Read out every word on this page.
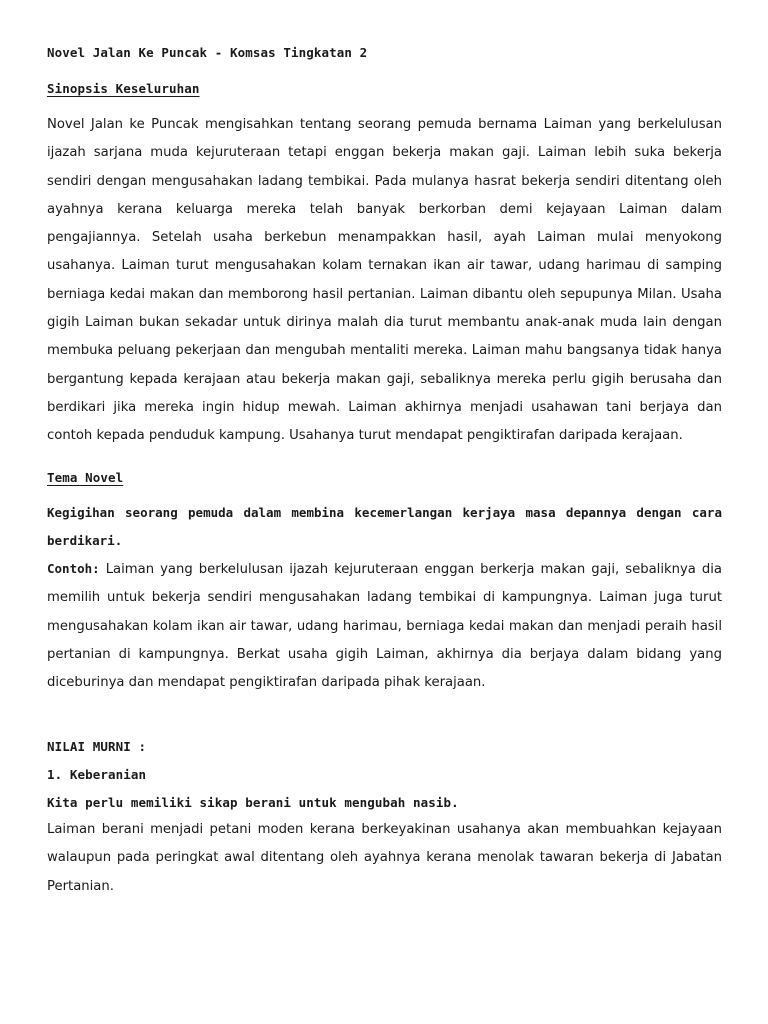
Novel Jalan Ke Puncak - Komsas Tingkatan 2
Sinopsis Keseluruhan

Novel Jalan ke Puncak mengisahkan tentang seorang pemuda bernama Laiman yang berkelulusan ijazah sarjana muda kejuruteraan tetapi enggan bekerja makan gaji. Laiman lebih suka bekerja sendiri dengan mengusahakan ladang tembikai. Pada mulanya hasrat bekerja sendiri ditentang oleh ayahnya kerana keluarga mereka telah banyak berkorban demi kejayaan Laiman dalam pengajiannya. Setelah usaha berkebun menampakkan hasil, ayah Laiman mulai menyokong usahanya. Laiman turut mengusahakan kolam ternakan ikan air tawar, udang harimau di samping berniaga kedai makan dan memborong hasil pertanian. Laiman dibantu oleh sepupunya Milan. Usaha gigih Laiman bukan sekadar untuk dirinya malah dia turut membantu anak-anak muda lain dengan membuka peluang pekerjaan dan mengubah mentaliti mereka. Laiman mahu bangsanya tidak hanya bergantung kepada kerajaan atau bekerja makan gaji, sebaliknya mereka perlu gigih berusaha dan berdikari jika mereka ingin hidup mewah. Laiman akhirnya menjadi usahawan tani berjaya dan contoh kepada penduduk kampung. Usahanya turut mendapat pengiktirafan daripada kerajaan.

Tema Novel

Kegigihan seorang pemuda dalam membina kecemerlangan kerjaya masa depannya dengan cara berdikari.

Contoh: Laiman yang berkelulusan ijazah kejuruteraan enggan berkerja makan gaji, sebaliknya dia memilih untuk bekerja sendiri mengusahakan ladang tembikai di kampungnya. Laiman juga turut mengusahakan kolam ikan air tawar, udang harimau, berniaga kedai makan dan menjadi peraih hasil pertanian di kampungnya. Berkat usaha gigih Laiman, akhirnya dia berjaya dalam bidang yang diceburinya dan mendapat pengiktirafan daripada pihak kerajaan.

NILAI MURNI :
1. Keberanian
Kita perlu memiliki sikap berani untuk mengubah nasib.

Laiman berani menjadi petani moden kerana berkeyakinan usahanya akan membuahkan kejayaan walaupun pada peringkat awal ditentang oleh ayahnya kerana menolak tawaran bekerja di Jabatan Pertanian.
